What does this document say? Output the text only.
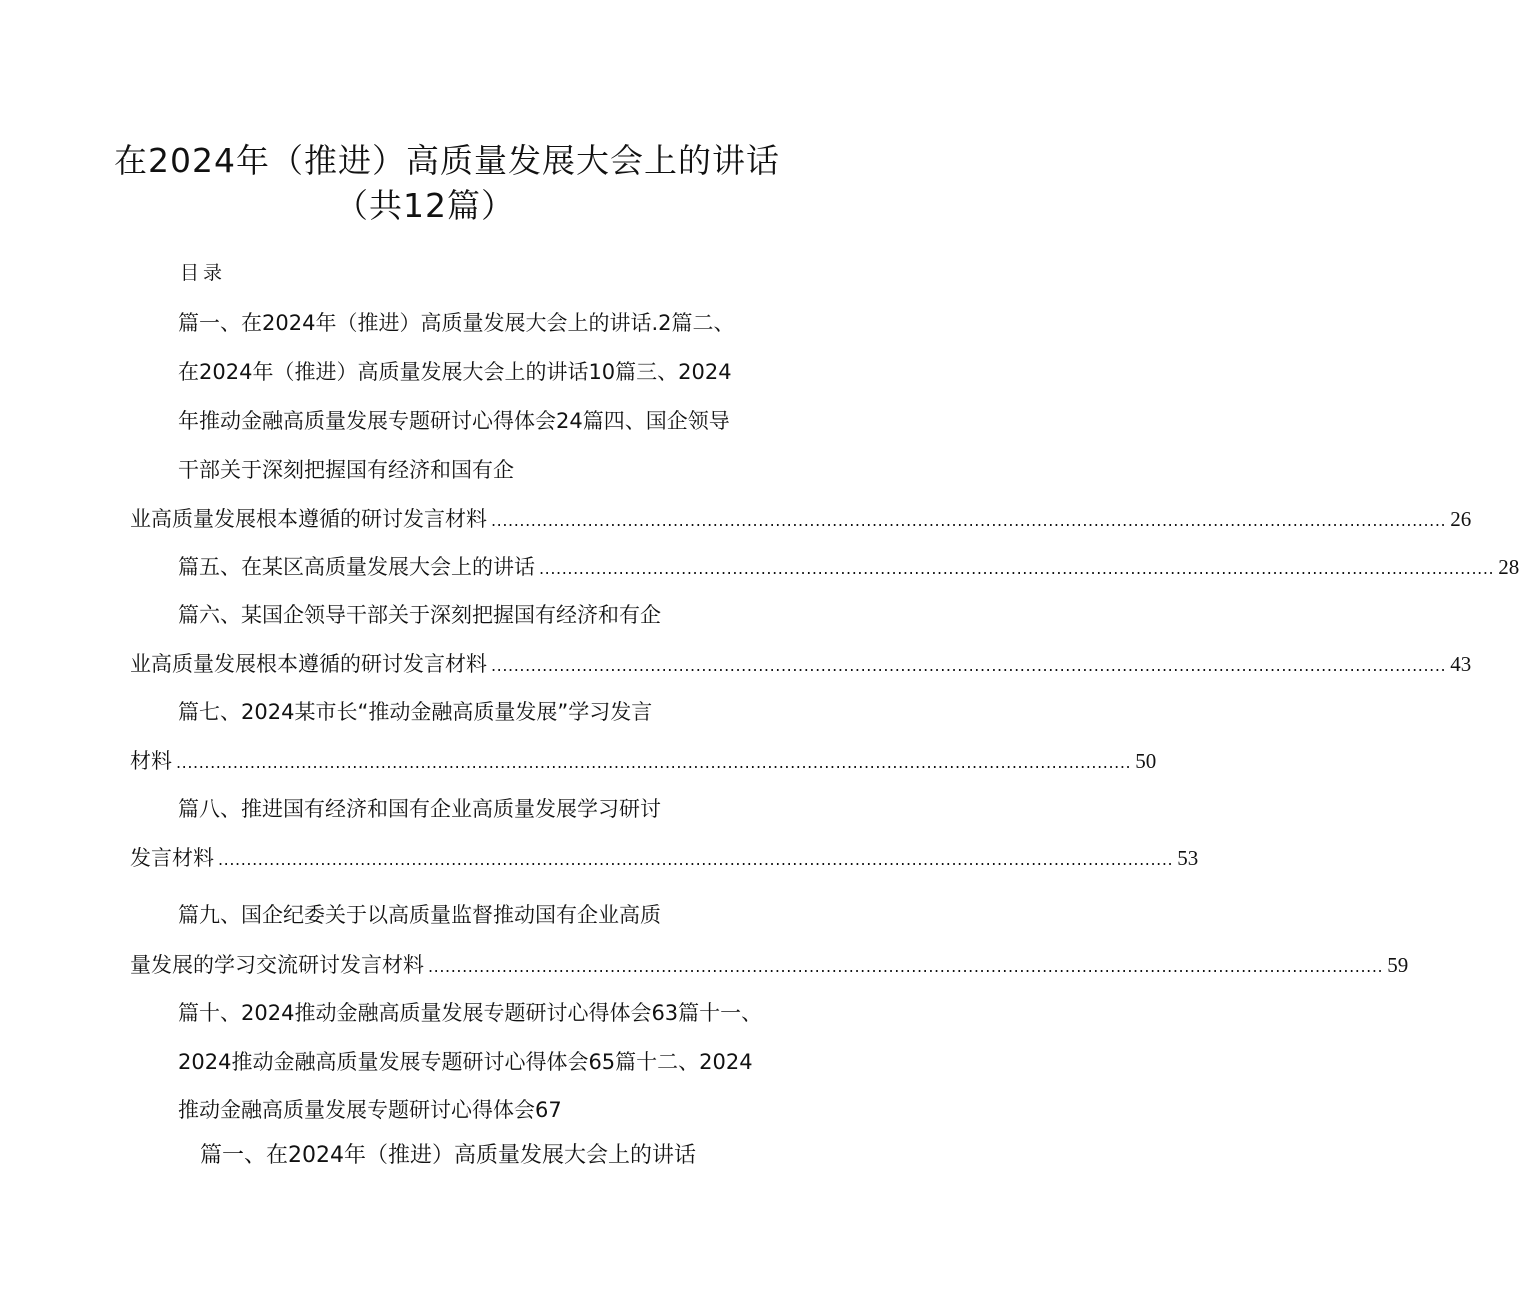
在2024年（推进）高质量发展大会上的讲话
（共12篇）
目录
篇一、在2024年（推进）高质量发展大会上的讲话.2篇二、
在2024年（推进）高质量发展大会上的讲话10篇三、2024
年推动金融高质量发展专题研讨心得体会24篇四、国企领导
干部关于深刻把握国有经济和国有企
业高质量发展根本遵循的研讨发言材料 ........................................................................................................................................................................ 26
篇五、在某区高质量发展大会上的讲话 ........................................................................................................................................................................ 28
篇六、某国企领导干部关于深刻把握国有经济和有企
业高质量发展根本遵循的研讨发言材料 ........................................................................................................................................................................ 43
篇七、2024某市长“推动金融高质量发展”学习发言
材料 ........................................................................................................................................................................ 50
篇八、推进国有经济和国有企业高质量发展学习研讨
发言材料 ........................................................................................................................................................................ 53
篇九、国企纪委关于以高质量监督推动国有企业高质
量发展的学习交流研讨发言材料 ........................................................................................................................................................................ 59
篇十、2024推动金融高质量发展专题研讨心得体会63篇十一、
2024推动金融高质量发展专题研讨心得体会65篇十二、2024
推动金融高质量发展专题研讨心得体会67
篇一、在2024年（推进）高质量发展大会上的讲话
